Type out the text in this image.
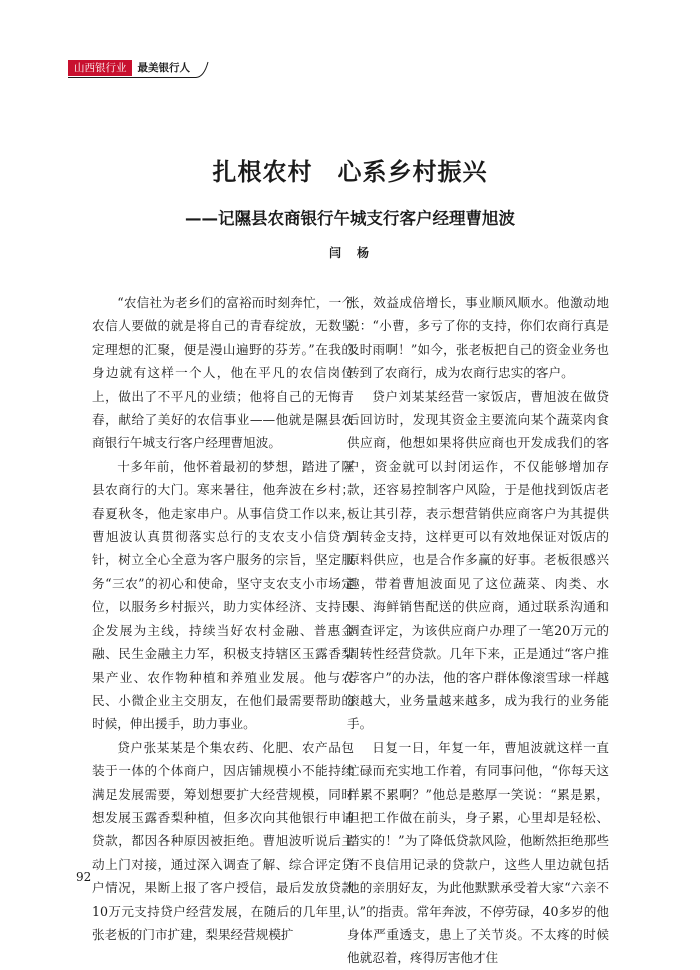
山西银行业	最美银行人
扎根农村　心系乡村振兴
——记隰县农商银行午城支行客户经理曹旭波
闫　杨

“农信社为老乡们的富裕而时刻奔忙，一个农信人要做的就是将自己的青春绽放，无数坚定理想的汇聚，便是漫山遍野的芬芳。”在我的身边就有这样一个人，他在平凡的农信岗位上，做出了不平凡的业绩；他将自己的无悔青春，献给了美好的农信事业——他就是隰县农商银行午城支行客户经理曹旭波。

十多年前，他怀着最初的梦想，踏进了隰县农商行的大门。寒来暑往，他奔波在乡村；春夏秋冬，他走家串户。从事信贷工作以来，曹旭波认真贯彻落实总行的支农支小信贷方针，树立全心全意为客户服务的宗旨，坚定服务“三农”的初心和使命，坚守支农支小市场定位，以服务乡村振兴，助力实体经济、支持民企发展为主线，持续当好农村金融、普惠金融、民生金融主力军，积极支持辖区玉露香梨果产业、农作物种植和养殖业发展。他与农民、小微企业主交朋友，在他们最需要帮助的时候，伸出援手，助力事业。

贷户张某某是个集农药、化肥、农产品包装于一体的个体商户，因店铺规模小不能持续满足发展需要，筹划想要扩大经营规模，同时想发展玉露香梨种植，但多次向其他银行申请贷款，都因各种原因被拒绝。曹旭波听说后主动上门对接，通过深入调查了解、综合评定贷户情况，果断上报了客户授信，最后发放贷款10万元支持贷户经营发展，在随后的几年里，张老板的门市扩建，梨果经营规模扩

张，效益成倍增长，事业顺风顺水。他激动地说：“小曹，多亏了你的支持，你们农商行真是及时雨啊！”如今，张老板把自己的资金业务也转到了农商行，成为农商行忠实的客户。

贷户刘某某经营一家饭店，曹旭波在做贷后回访时，发现其资金主要流向某个蔬菜肉食供应商，他想如果将供应商也开发成我们的客户，资金就可以封闭运作，不仅能够增加存款，还容易控制客户风险，于是他找到饭店老板让其引荐，表示想营销供应商客户为其提供周转金支持，这样更可以有效地保证对饭店的原料供应，也是合作多赢的好事。老板很感兴趣，带着曹旭波面见了这位蔬菜、肉类、水果、海鲜销售配送的供应商，通过联系沟通和调查评定，为该供应商户办理了一笔20万元的周转性经营贷款。几年下来，正是通过“客户推荐客户”的办法，他的客户群体像滚雪球一样越滚越大，业务量越来越多，成为我行的业务能手。

日复一日，年复一年，曹旭波就这样一直忙碌而充实地工作着，有同事问他，“你每天这样累不累啊？”他总是憨厚一笑说：“累是累，但把工作做在前头，身子累，心里却是轻松、踏实的！”为了降低贷款风险，他断然拒绝那些有不良信用记录的贷款户，这些人里边就包括他的亲朋好友，为此他默默承受着大家“六亲不认”的指责。常年奔波，不停劳碌，40多岁的他身体严重透支，患上了关节炎。不太疼的时候他就忍着，疼得厉害他才住

92
